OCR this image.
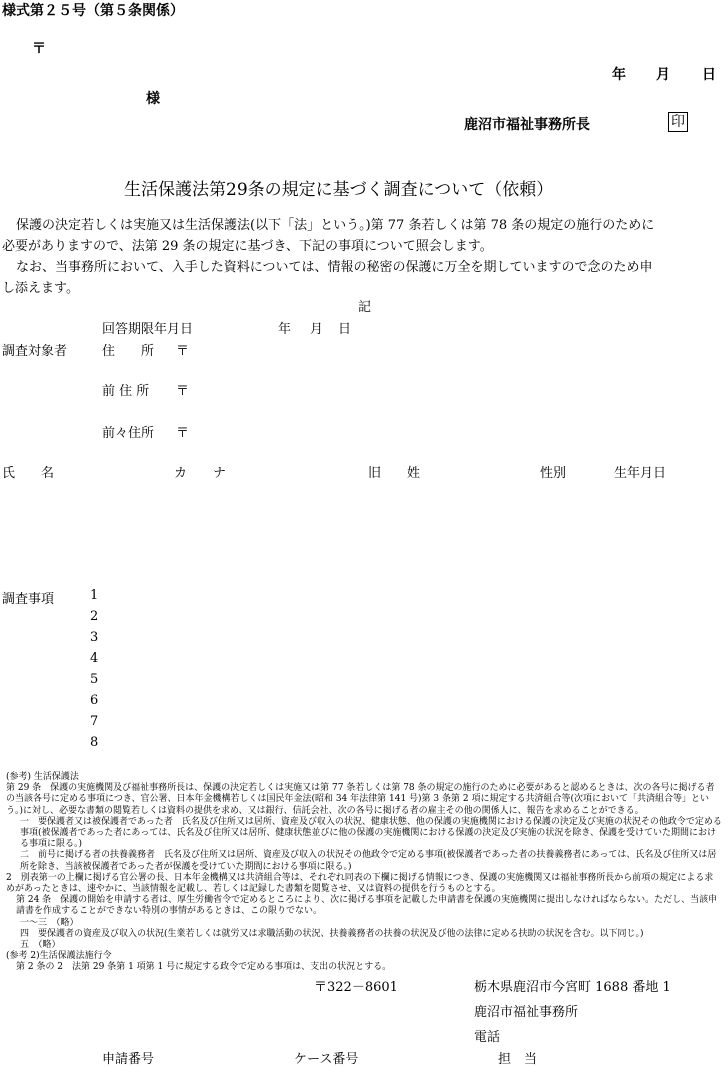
様式第２５号（第５条関係）
〒
年 月 日
様
鹿沼市福祉事務所長	印
生活保護法第29条の規定に基づく調査について（依頼）
保護の決定若しくは実施又は生活保護法(以下「法」という。)第 77 条若しくは第 78 条の規定の施行のために
必要がありますので、法第 29 条の規定に基づき、下記の事項について照会します。
なお、当事務所において、入手した資料については、情報の秘密の保護に万全を期していますので念のため申
し添えます。
記
回答期限年月日	年 月 日
調査対象者	住　　所 〒
前 住 所 〒
前々住所 〒
氏　　名	カ　　ナ	旧　　姓	性別	生年月日
調査事項	1
2
3
4
5
6
7
8
(参考) 生活保護法
第 29 条　保護の実施機関及び福祉事務所長は、保護の決定若しくは実施又は第 77 条若しくは第 78 条の規定の施行のために必要があると認めるときは、次の各号に掲げる者の当該各号に定める事項につき、官公署、日本年金機構若しくは国民年金法(昭和 34 年法律第 141 号)第 3 条第 2 項に規定する共済組合等(次項において「共済組合等」という。)に対し、必要な書類の閲覧若しくは資料の提供を求め、又は銀行、信託会社、次の各号に掲げる者の雇主その他の関係人に、報告を求めることができる。
一　要保護者又は被保護者であった者　氏名及び住所又は居所、資産及び収入の状況、健康状態、他の保護の実施機関における保護の決定及び実施の状況その他政令で定める事項(被保護者であった者にあっては、氏名及び住所又は居所、健康状態並びに他の保護の実施機関における保護の決定及び実施の状況を除き、保護を受けていた期間における事項に限る。)
二　前号に掲げる者の扶養義務者　氏名及び住所又は居所、資産及び収入の状況その他政令で定める事項(被保護者であった者の扶養義務者にあっては、氏名及び住所又は居所を除き、当該被保護者であった者が保護を受けていた期間における事項に限る。)
2　別表第一の上欄に掲げる官公署の長、日本年金機構又は共済組合等は、それぞれ同表の下欄に掲げる情報につき、保護の実施機関又は福祉事務所長から前項の規定による求めがあったときは、速やかに、当該情報を記載し、若しくは記録した書類を閲覧させ、又は資料の提供を行うものとする。
第 24 条　保護の開始を申請する者は、厚生労働省令で定めるところにより、次に掲げる事項を記載した申請書を保護の実施機関に提出しなければならない。ただし、当該申請書を作成することができない特別の事情があるときは、この限りでない。
一～三　（略）
四　要保護者の資産及び収入の状況(生業若しくは就労又は求職活動の状況、扶養義務者の扶養の状況及び他の法律に定める扶助の状況を含む。以下同じ。)
五　（略）
(参考 2)生活保護法施行令
第 2 条の 2　法第 29 条第 1 項第 1 号に規定する政令で定める事項は、支出の状況とする。
〒322－8601	栃木県鹿沼市今宮町 1688 番地 1
鹿沼市福祉事務所
電話
申請番号	ケース番号	担　当
